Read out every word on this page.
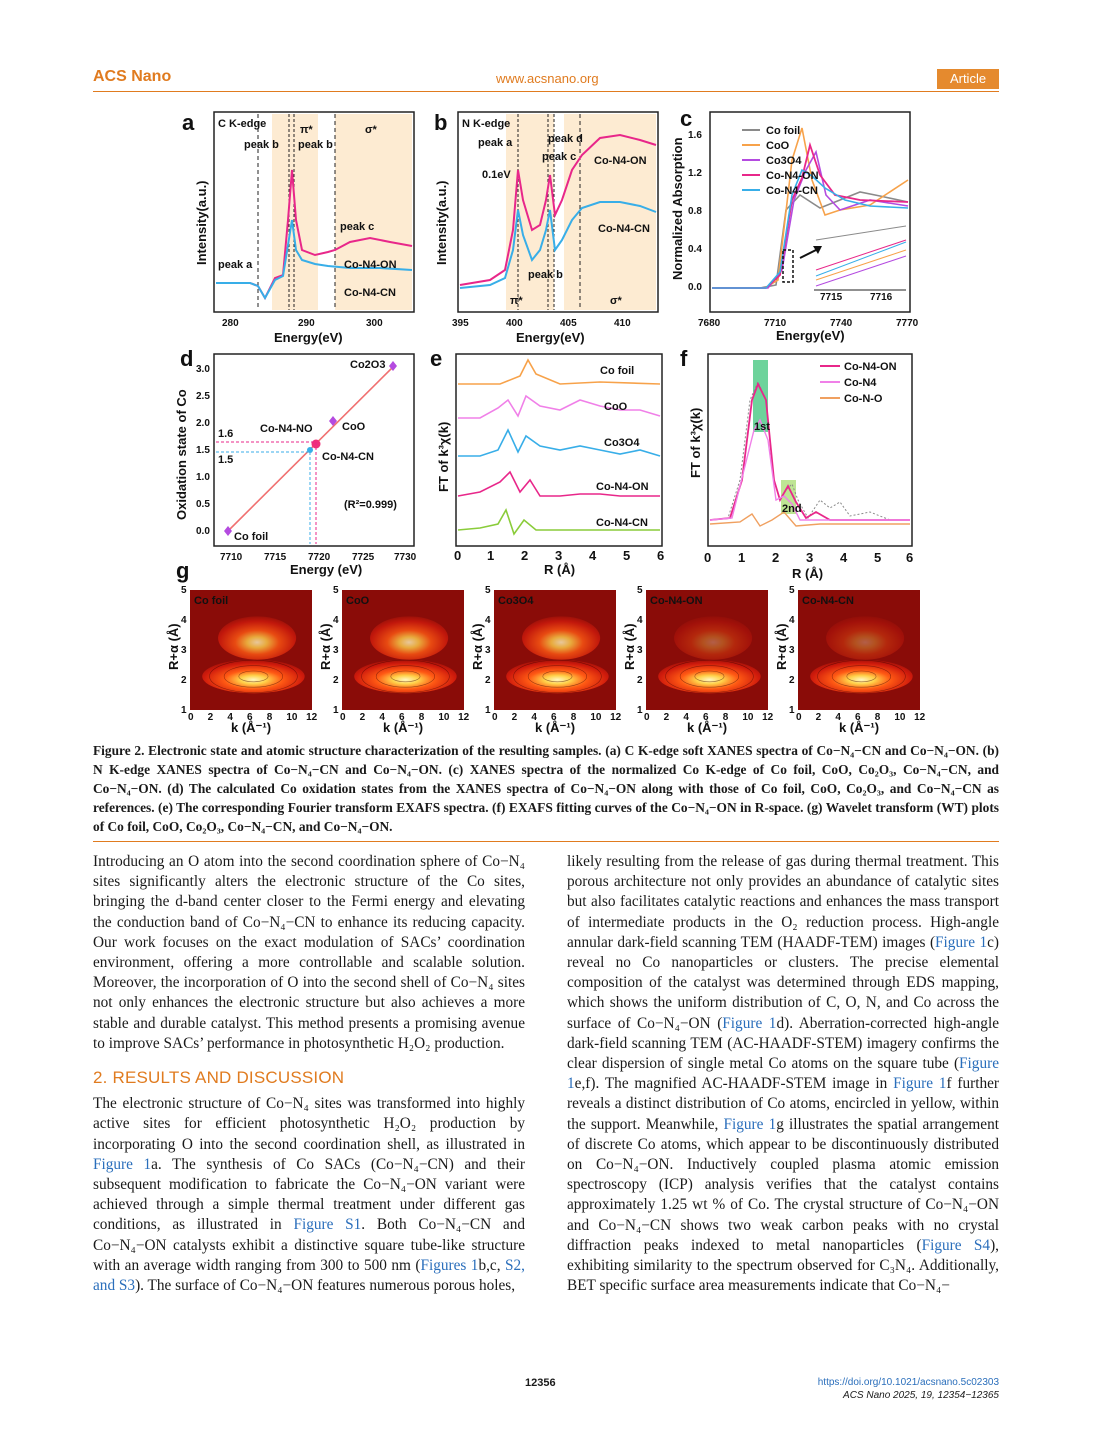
ACS Nano	www.acsnano.org	Article
a C K-edge
peak a
peak b peak b
π*	σ*
peak c
Co-N4-ON
Co-N4-CN
280	290	300
Energy(eV)
Intensity(a.u.)
b N K-edge
peak a
0.1eV
peak c
peak d
peak b
π*	σ*
Co-N4-ON
Co-N4-CN
395	400	405	410
Energy(eV)
Intensity(a.u.)
c
7715	7716
Co foil
CoO
Co3O4
Co-N4-ON
Co-N4-CN
0.0
0.4
0.8
1.2
1.6
7680	7710	7740	7770
Energy(eV)
Normalized Absorption
d	Co2O3
CoO
Co-N4-NO
Co-N4-CN
Co foil
(R²=0.999)
1.6
1.5
0.0
0.5
1.0
1.5
2.0
2.5
3.0
7710 7715 7720 7725 7730
Energy (eV)
Oxidation state of Co
e	Co foil
CoO
Co3O4
Co-N4-ON
Co-N4-CN
0 1 2 3 4 5 6
R (Å)
FT of k³χ(k)
f	Co-N4-ON
Co-N4
Co-N-O
1st
2nd
0 1 2 3 4 5 6
R (Å)
FT of k³χ(k)
g
Co foil
1
2
3
4
5
0 2 4 6 8 10 12
k (Å⁻¹)
R+α (Å)
CoO
1
2
3
4
5
0 2 4 6 8 10 12
k (Å⁻¹)
R+α (Å)
Co3O4
1
2
3
4
5
0 2 4 6 8 10 12
k (Å⁻¹)
R+α (Å)
Co-N4-ON
1
2
3
4
5
0 2 4 6 8 10 12
k (Å⁻¹)
R+α (Å)
Co-N4-CN
1
2
3
4
5
0 2 4 6 8 10 12
k (Å⁻¹)
R+α (Å)
Figure 2. Electronic state and atomic structure characterization of the resulting samples. (a) C K-edge soft XANES spectra of Co−N₄−CN and Co−N₄−ON. (b) N K-edge XANES spectra of Co−N₄−CN and Co−N₄−ON. (c) XANES spectra of the normalized Co K-edge of Co foil, CoO, Co₂O₃, Co−N₄−CN, and Co−N₄−ON. (d) The calculated Co oxidation states from the XANES spectra of Co−N₄−ON along with those of Co foil, CoO, Co₂O₃, and Co−N₄−CN as references. (e) The corresponding Fourier transform EXAFS spectra. (f) EXAFS fitting curves of the Co−N₄−ON in R-space. (g) Wavelet transform (WT) plots of Co foil, CoO, Co₂O₃, Co−N₄−CN, and Co−N₄−ON.

Introducing an O atom into the second coordination sphere of Co−N₄ sites significantly alters the electronic structure of the Co sites, bringing the d-band center closer to the Fermi energy and elevating the conduction band of Co−N₄−CN to enhance its reducing capacity. Our work focuses on the exact modulation of SACs’ coordination environment, offering a more controllable and scalable solution. Moreover, the incorporation of O into the second shell of Co−N₄ sites not only enhances the electronic structure but also achieves a more stable and durable catalyst. This method presents a promising avenue to improve SACs’ performance in photosynthetic H₂O₂ production.

2. RESULTS AND DISCUSSION

The electronic structure of Co−N₄ sites was transformed into highly active sites for efficient photosynthetic H₂O₂ production by incorporating O into the second coordination shell, as illustrated in Figure 1a. The synthesis of Co SACs (Co−N₄−CN) and their subsequent modification to fabricate the Co−N₄−ON variant were achieved through a simple thermal treatment under different gas conditions, as illustrated in Figure S1. Both Co−N₄−CN and Co−N₄−ON catalysts exhibit a distinctive square tube-like structure with an average width ranging from 300 to 500 nm (Figures 1b,c, S2, and S3). The surface of Co−N₄−ON features numerous porous holes,

likely resulting from the release of gas during thermal treatment. This porous architecture not only provides an abundance of catalytic sites but also facilitates catalytic reactions and enhances the mass transport of intermediate products in the O₂ reduction process. High-angle annular dark-field scanning TEM (HAADF-TEM) images (Figure 1c) reveal no Co nanoparticles or clusters. The precise elemental composition of the catalyst was determined through EDS mapping, which shows the uniform distribution of C, O, N, and Co across the surface of Co−N₄−ON (Figure 1d). Aberration-corrected high-angle dark-field scanning TEM (AC-HAADF-STEM) imagery confirms the clear dispersion of single metal Co atoms on the square tube (Figure 1e,f). The magnified AC-HAADF-STEM image in Figure 1f further reveals a distinct distribution of Co atoms, encircled in yellow, within the support. Meanwhile, Figure 1g illustrates the spatial arrangement of discrete Co atoms, which appear to be discontinuously distributed on Co−N₄−ON. Inductively coupled plasma atomic emission spectroscopy (ICP) analysis verifies that the catalyst contains approximately 1.25 wt % of Co. The crystal structure of Co−N₄−ON and Co−N₄−CN shows two weak carbon peaks with no crystal diffraction peaks indexed to metal nanoparticles (Figure S4), exhibiting similarity to the spectrum observed for C₃N₄. Additionally, BET specific surface area measurements indicate that Co−N₄−

12356	https://doi.org/10.1021/acsnano.5c02303
ACS Nano 2025, 19, 12354−12365
